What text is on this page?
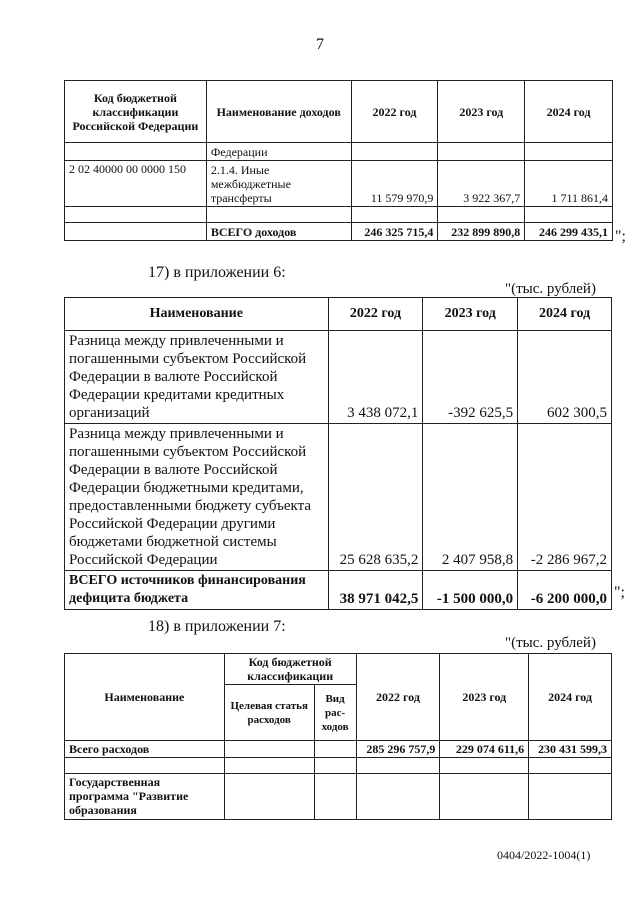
7
Код бюджетной классификации Российской Федерации	Наименование доходов	2022 год	2023 год	2024 год
	Федерации			
2 02 40000 00 0000 150	2.1.4. Иные межбюджетные трансферты	11 579 970,9	3 922 367,7	1 711 861,4

	ВСЕГО доходов	246 325 715,4	232 899 890,8	246 299 435,1 ";
17) в приложении 6:
"(тыс. рублей)
Наименование	2022 год	2023 год	2024 год
Разница между привлеченными и погашенными субъектом Российской Федерации в валюте Российской Федерации кредитами кредитных организаций	3 438 072,1	-392 625,5	602 300,5
Разница между привлеченными и погашенными субъектом Российской Федерации в валюте Российской Федерации бюджетными кредитами, предоставленными бюджету субъекта Российской Федерации другими бюджетами бюджетной системы Российской Федерации	25 628 635,2	2 407 958,8	-2 286 967,2
ВСЕГО источников финансирования дефицита бюджета	38 971 042,5	-1 500 000,0	-6 200 000,0 ";
18) в приложении 7:
"(тыс. рублей)
Наименование	Код бюджетной классификации		2022 год	2023 год	2024 год
	Целевая статья расходов	Вид рас-ходов			
Всего расходов			285 296 757,9	229 074 611,6	230 431 599,3

Государственная программа "Развитие образования					
0404/2022-1004(1)
